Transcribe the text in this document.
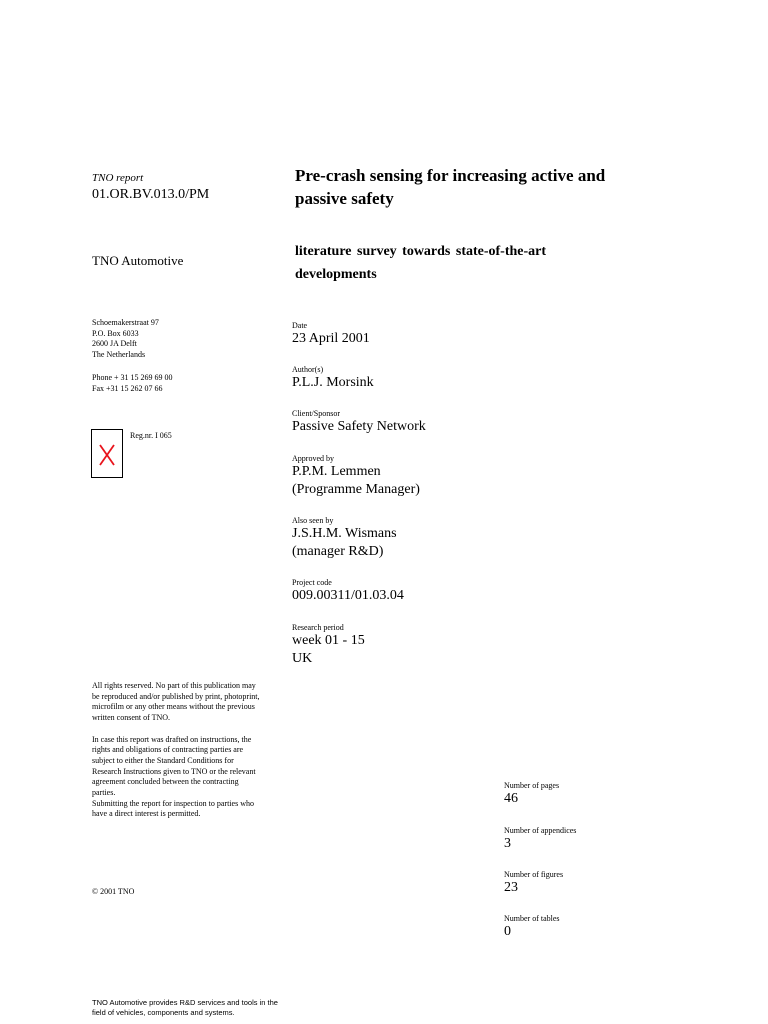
TNO report
01.OR.BV.013.0/PM
TNO Automotive
Schoemakerstraat 97
P.O. Box 6033
2600 JA Delft
The Netherlands
Phone + 31 15 269 69 00
Fax +31 15 262 07 66
Reg.nr. I 065
Pre-crash sensing for increasing active and passive safety
literature survey towards state-of-the-art developments
Date
23 April 2001
Author(s)
P.L.J. Morsink
Client/Sponsor
Passive Safety Network
Approved by
P.P.M. Lemmen
(Programme Manager)
Also seen by
J.S.H.M. Wismans
(manager R&D)
Project code
009.00311/01.03.04
Research period
week 01 - 15
UK
Number of pages
46
Number of appendices
3
Number of figures
23
Number of tables
0

All rights reserved. No part of this publication may be reproduced and/or published by print, photoprint, microfilm or any other means without the previous written consent of TNO.

In case this report was drafted on instructions, the rights and obligations of contracting parties are subject to either the Standard Conditions for Research Instructions given to TNO or the relevant agreement concluded between the contracting parties.

Submitting the report for inspection to parties who have a direct interest is permitted.

© 2001 TNO
TNO Automotive provides R&D services and tools in the field of vehicles, components and systems.
